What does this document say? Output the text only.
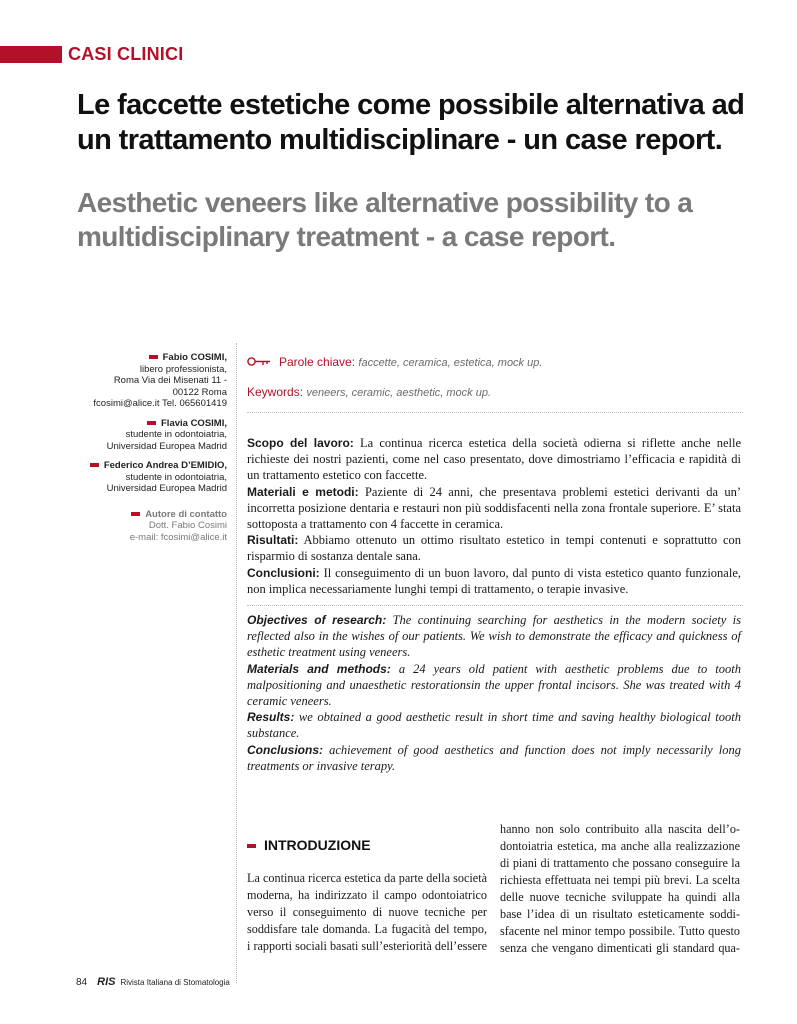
CASI CLINICI
Le faccette estetiche come possibile alternativa ad un trattamento multidisciplinare - un case report.
Aesthetic veneers like alternative possibility to a multidisciplinary treatment - a case report.
Fabio COSIMI,
libero professionista,
Roma Via dei Misenati 11 -
00122 Roma
fcosimi@alice.it Tel. 065601419
Flavia COSIMI,
studente in odontoiatria,
Universidad Europea Madrid
Federico Andrea D’EMIDIO,
studente in odontoiatria,
Universidad Europea Madrid
Autore di contatto
Dott. Fabio Cosimi
e-mail: fcosimi@alice.it
Parole chiave: faccette, ceramica, estetica, mock up.
Keywords: veneers, ceramic, aesthetic, mock up.
Scopo del lavoro: La continua ricerca estetica della società odierna si riflette anche nelle richieste dei nostri pazienti, come nel caso presentato, dove dimostriamo l’efficacia e rapidità di un trattamento estetico con faccette.
Materiali e metodi: Paziente di 24 anni, che presentava problemi estetici derivanti da un’ incorretta posizione dentaria e restauri non più soddisfacenti nella zona frontale superiore. E’ stata sottoposta a trattamento con 4 faccette in ceramica.
Risultati: Abbiamo ottenuto un ottimo risultato estetico in tempi contenuti e soprattutto con risparmio di sostanza dentale sana.
Conclusioni: Il conseguimento di un buon lavoro, dal punto di vista estetico quanto funzionale, non implica necessariamente lunghi tempi di trattamento, o terapie invasive.
Objectives of research: The continuing searching for aesthetics in the modern society is reflected also in the wishes of our patients. We wish to demonstrate the efficacy and quickness of esthetic treatment using veneers.
Materials and methods: a 24 years old patient with aesthetic problems due to tooth malpositioning and unaesthetic restorationsin the upper frontal incisors. She was treated with 4 ceramic veneers.
Results: we obtained a good aesthetic result in short time and saving healthy biological tooth substance.
Conclusions: achievement of good aesthetics and function does not imply necessarily long treatments or invasive terapy.
INTRODUZIONE
La continua ricerca estetica da parte della società
moderna, ha indirizzato il campo odontoiatrico
verso il conseguimento di nuove tecniche per
soddisfare tale domanda. La fugacità del tempo,
i rapporti sociali basati sull’esteriorità dell’essere
hanno non solo contribuito alla nascita dell’o-
dontoiatria estetica, ma anche alla realizzazione
di piani di trattamento che possano conseguire la
richiesta effettuata nei tempi più brevi. La scelta
delle nuove tecniche sviluppate ha quindi alla
base l’idea di un risultato esteticamente soddi-
sfacente nel minor tempo possibile. Tutto questo
senza che vengano dimenticati gli standard qua-
84 RIS Rivista Italiana di Stomatologia
